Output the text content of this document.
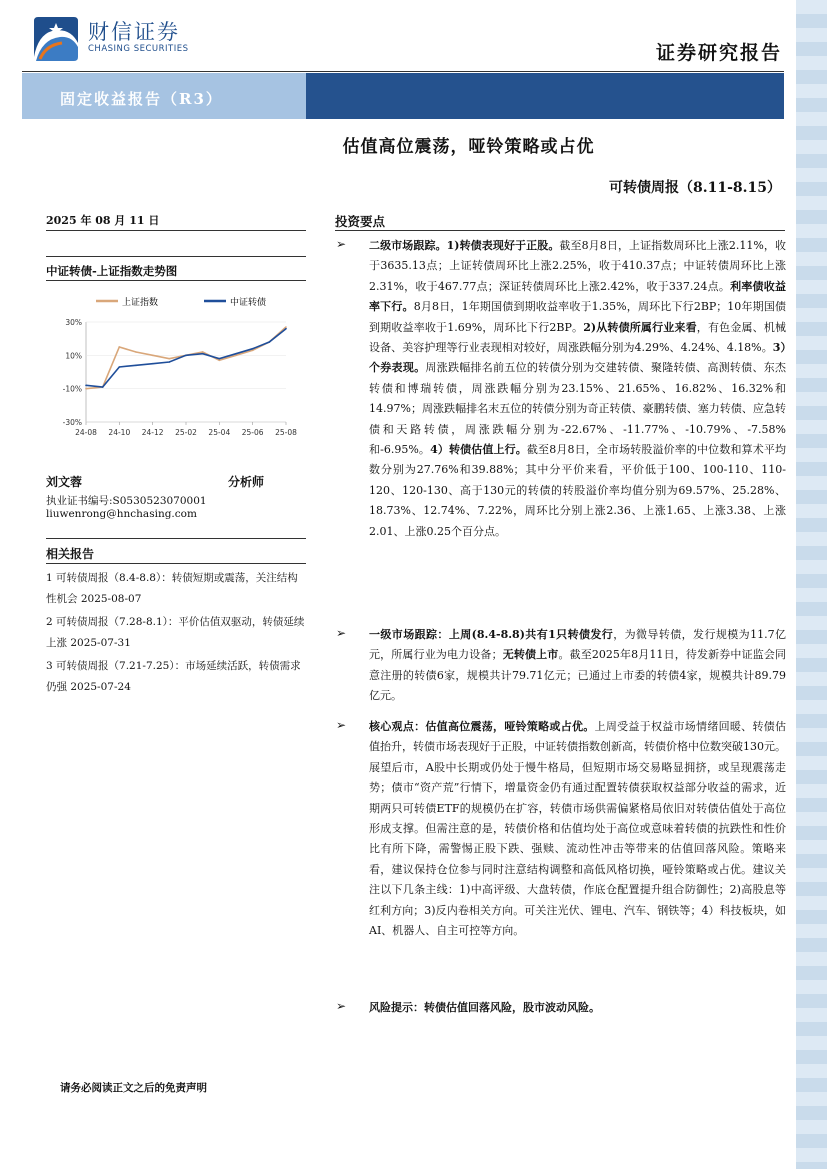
财信证券
CHASING SECURITIES	证券研究报告
固定收益报告（R3）
估值高位震荡，哑铃策略或占优
可转债周报（8.11-8.15）
2025 年 08 月 11 日
中证转债-上证指数走势图
上证指数	中证转债
30%
10%
-10%
-30%
24-08 24-10 24-12 25-02 25-04 25-06 25-08
刘文蓉	分析师
执业证书编号:S0530523070001
liuwenrong@hnchasing.com
相关报告
1 可转债周报（8.4-8.8）：转债短期或震荡，关注结构性机会 2025-08-07
2 可转债周报（7.28-8.1）：平价估值双驱动，转债延续上涨 2025-07-31
3 可转债周报（7.21-7.25）：市场延续活跃，转债需求仍强 2025-07-24
投资要点
➢ 二级市场跟踪。1)转债表现好于正股。截至8月8日，上证指数周环比上涨2.11%，收于3635.13点；上证转债周环比上涨2.25%，收于410.37点；中证转债周环比上涨2.31%，收于467.77点；深证转债周环比上涨2.42%，收于337.24点。利率债收益率下行。8月8日，1年期国债到期收益率收于1.35%，周环比下行2BP；10年期国债到期收益率收于1.69%，周环比下行2BP。2)从转债所属行业来看，有色金属、机械设备、美容护理等行业表现相对较好，周涨跌幅分别为4.29%、4.24%、4.18%。3）个券表现。周涨跌幅排名前五位的转债分别为交建转债、聚隆转债、高测转债、东杰转债和博瑞转债，周涨跌幅分别为23.15%、21.65%、16.82%、16.32%和14.97%；周涨跌幅排名末五位的转债分别为奇正转债、豪鹏转债、塞力转债、应急转债和天路转债，周涨跌幅分别为-22.67%、-11.77%、-10.79%、-7.58%和-6.95%。4）转债估值上行。截至8月8日，全市场转股溢价率的中位数和算术平均数分别为27.76%和39.88%；其中分平价来看，平价低于100、100-110、110-120、120-130、高于130元的转债的转股溢价率均值分别为69.57%、25.28%、18.73%、12.74%、7.22%，周环比分别上涨2.36、上涨1.65、上涨3.38、上涨2.01、上涨0.25个百分点。

➢ 一级市场跟踪：上周(8.4-8.8)共有1只转债发行，为微导转债，发行规模为11.7亿元，所属行业为电力设备；无转债上市。截至2025年8月11日，待发新券中证监会同意注册的转债6家，规模共计79.71亿元；已通过上市委的转债4家，规模共计89.79亿元。

➢ 核心观点：估值高位震荡，哑铃策略或占优。上周受益于权益市场情绪回暖、转债估值抬升，转债市场表现好于正股，中证转债指数创新高，转债价格中位数突破130元。展望后市，A股中长期或仍处于慢牛格局，但短期市场交易略显拥挤，或呈现震荡走势；债市“资产荒”行情下，增量资金仍有通过配置转债获取权益部分收益的需求，近期两只可转债ETF的规模仍在扩容，转债市场供需偏紧格局依旧对转债估值处于高位形成支撑。但需注意的是，转债价格和估值均处于高位或意味着转债的抗跌性和性价比有所下降，需警惕正股下跌、强赎、流动性冲击等带来的估值回落风险。策略来看，建议保持仓位参与同时注意结构调整和高低风格切换，哑铃策略或占优。建议关注以下几条主线：1)中高评级、大盘转债，作底仓配置提升组合防御性；2)高股息等红利方向；3)反内卷相关方向。可关注光伏、锂电、汽车、钢铁等；4）科技板块，如AI、机器人、自主可控等方向。

➢ 风险提示：转债估值回落风险，股市波动风险。

请务必阅读正文之后的免责声明
